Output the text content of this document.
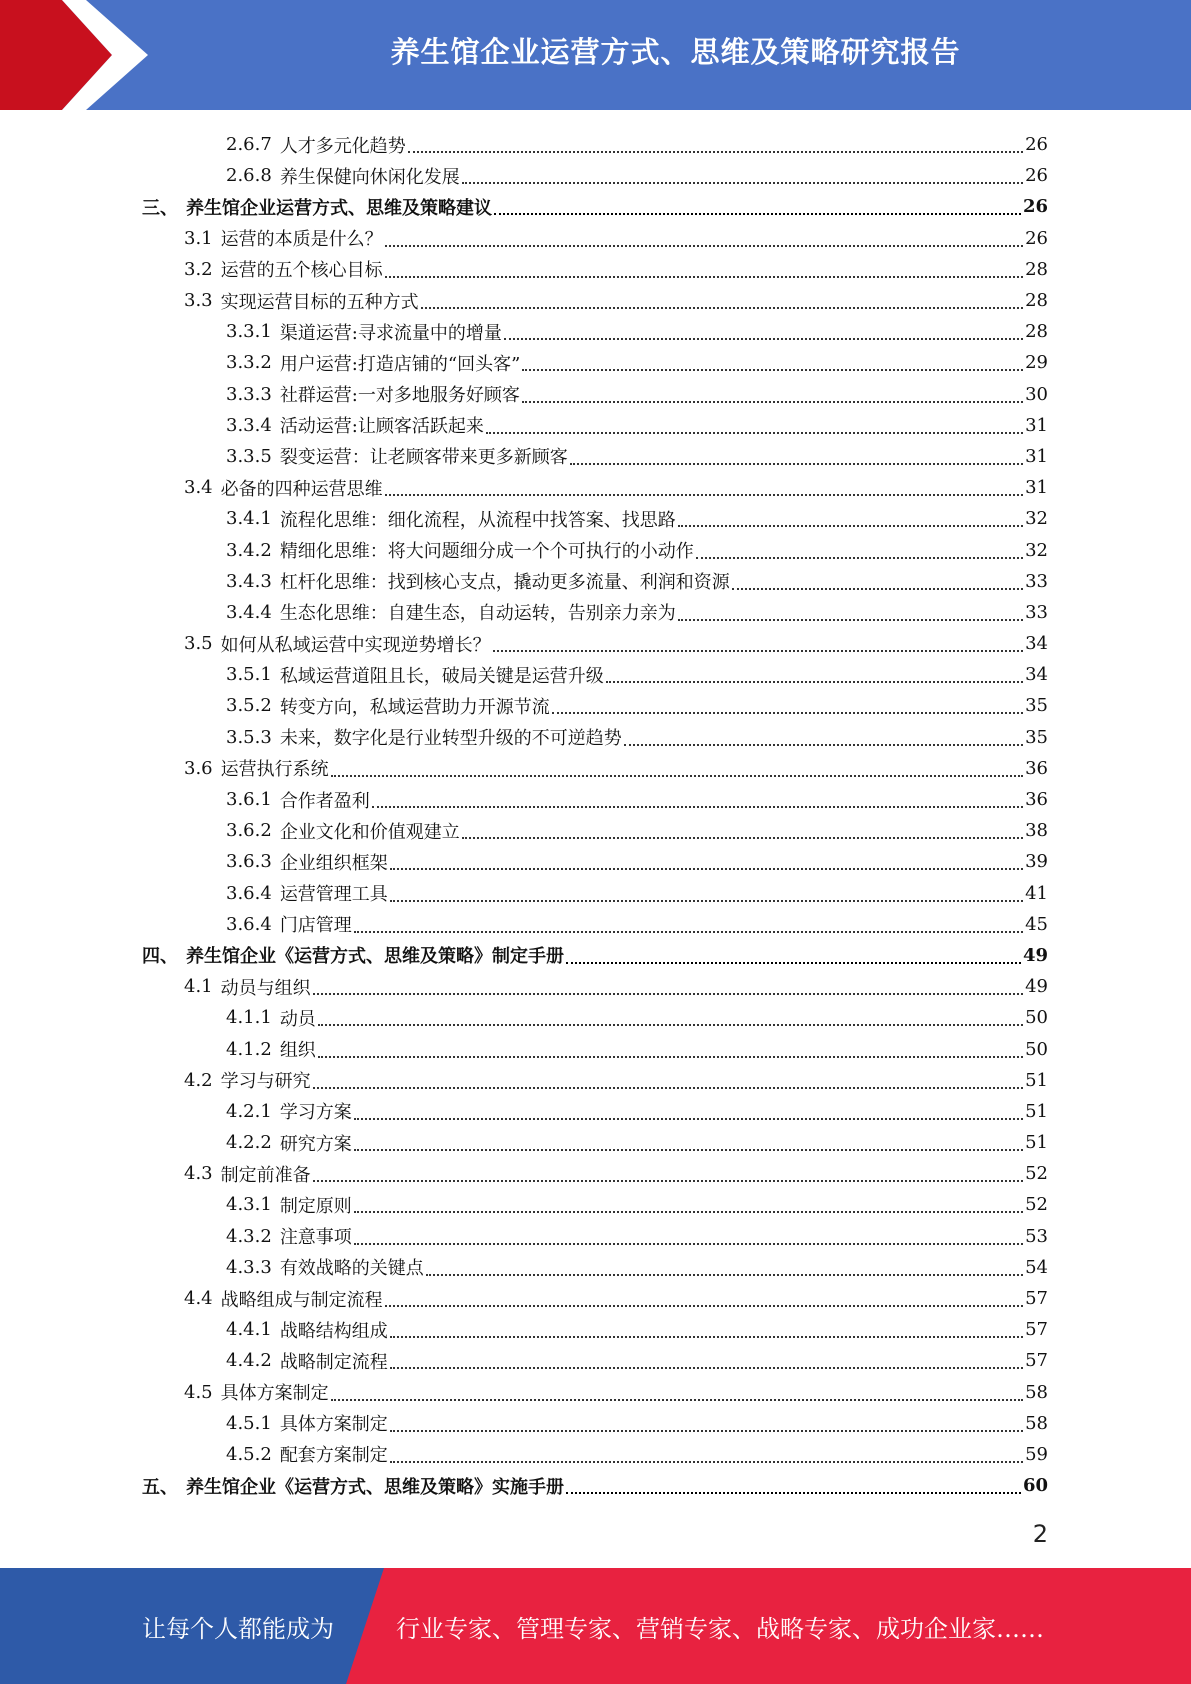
养生馆企业运营方式、思维及策略研究报告
2.6.7 人才多元化趋势	26
2.6.8 养生保健向休闲化发展	26
三、 养生馆企业运营方式、思维及策略建议	26
3.1 运营的本质是什么？	26
3.2 运营的五个核心目标	28
3.3 实现运营目标的五种方式	28
3.3.1 渠道运营:寻求流量中的增量	28
3.3.2 用户运营:打造店铺的“回头客”	29
3.3.3 社群运营:一对多地服务好顾客	30
3.3.4 活动运营:让顾客活跃起来	31
3.3.5 裂变运营：让老顾客带来更多新顾客	31
3.4 必备的四种运营思维	31
3.4.1 流程化思维：细化流程，从流程中找答案、找思路	32
3.4.2 精细化思维：将大问题细分成一个个可执行的小动作	32
3.4.3 杠杆化思维：找到核心支点，撬动更多流量、利润和资源	33
3.4.4 生态化思维：自建生态，自动运转，告别亲力亲为	33
3.5 如何从私域运营中实现逆势增长？	34
3.5.1 私域运营道阻且长，破局关键是运营升级	34
3.5.2 转变方向，私域运营助力开源节流	35
3.5.3 未来，数字化是行业转型升级的不可逆趋势	35
3.6 运营执行系统	36
3.6.1 合作者盈利	36
3.6.2 企业文化和价值观建立	38
3.6.3 企业组织框架	39
3.6.4 运营管理工具	41
3.6.4 门店管理	45
四、 养生馆企业《运营方式、思维及策略》制定手册	49
4.1 动员与组织	49
4.1.1 动员	50
4.1.2 组织	50
4.2 学习与研究	51
4.2.1 学习方案	51
4.2.2 研究方案	51
4.3 制定前准备	52
4.3.1 制定原则	52
4.3.2 注意事项	53
4.3.3 有效战略的关键点	54
4.4 战略组成与制定流程	57
4.4.1 战略结构组成	57
4.4.2 战略制定流程	57
4.5 具体方案制定	58
4.5.1 具体方案制定	58
4.5.2 配套方案制定	59
五、 养生馆企业《运营方式、思维及策略》实施手册	60
2
让每个人都能成为	行业专家、管理专家、营销专家、战略专家、成功企业家……
